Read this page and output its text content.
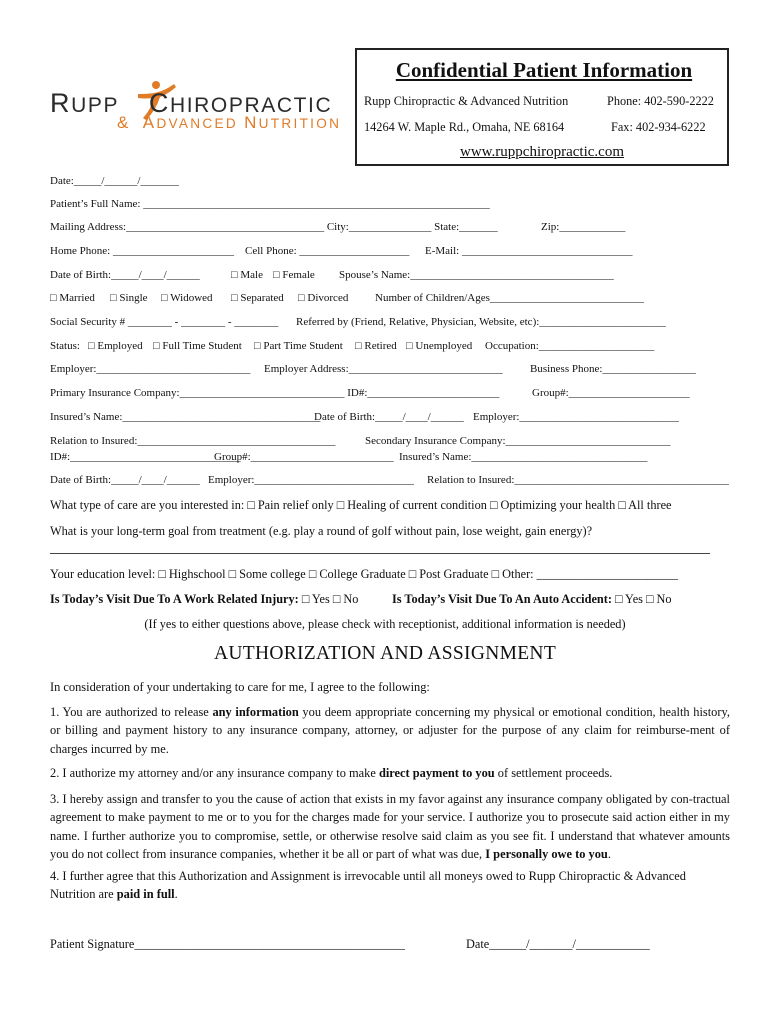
RUPP CHIROPRACTIC
& ADVANCED NUTRITION
Confidential Patient Information
Rupp Chiropractic & Advanced Nutrition	Phone: 402-590-2222
14264 W. Maple Rd., Omaha, NE 68164	Fax: 402-934-6222
www.ruppchiropractic.com
Date:_____/______/_______
Patient’s Full Name: _______________________________________________________________
Mailing Address:____________________________________ City:_______________ State:_______	Zip:____________
Home Phone: ______________________ Cell Phone: ____________________ E-Mail: _______________________________
Date of Birth:_____/____/______	□ Male □ Female Spouse’s Name:_____________________________________
□ Married □ Single □ Widowed □ Separated □ Divorced Number of Children/Ages____________________________
Social Security # ________ - ________ - ________ Referred by (Friend, Relative, Physician, Website, etc):_______________________
Status: □ Employed □ Full Time Student □ Part Time Student □ Retired □ Unemployed Occupation:_____________________
Employer:____________________________ Employer Address:____________________________ Business Phone:_________________
Primary Insurance Company:______________________________ ID#:________________________	Group#:______________________
Insured’s Name:____________________________________
Date of Birth:_____/____/______ Employer:_____________________________
Relation to Insured:____________________________________	Secondary Insurance Company:______________________________
ID#:_______________________________
Group#:__________________________ Insured’s Name:________________________________
Date of Birth:_____/____/______ Employer:_____________________________ Relation to Insured:_______________________________________
What type of care are you interested in: □ Pain relief only □ Healing of current condition □ Optimizing your health □ All three
What is your long-term goal from treatment (e.g. play a round of golf without pain, lose weight, gain energy)?
Your education level: □ Highschool □ Some college □ College Graduate □ Post Graduate □ Other: _______________________
Is Today’s Visit Due To A Work Related Injury: □ Yes □ No	Is Today’s Visit Due To An Auto Accident: □ Yes □ No
(If yes to either questions above, please check with receptionist, additional information is needed)
AUTHORIZATION AND ASSIGNMENT
In consideration of your undertaking to care for me, I agree to the following:
1. You are authorized to release any information you deem appropriate concerning my physical or emotional condition, health history, or billing and payment history to any insurance company, attorney, or adjuster for the purpose of any claim for reimburse-ment of charges incurred by me.
2. I authorize my attorney and/or any insurance company to make direct payment to you of settlement proceeds.
3. I hereby assign and transfer to you the cause of action that exists in my favor against any insurance company obligated by con-tractual agreement to make payment to me or to you for the charges made for your service. I authorize you to prosecute said action either in my name. I further authorize you to compromise, settle, or otherwise resolve said claim as you see fit. I understand that whatever amounts you do not collect from insurance companies, whether it be all or part of what was due, I personally owe to you.
4. I further agree that this Authorization and Assignment is irrevocable until all moneys owed to Rupp Chiropractic & Advanced Nutrition are paid in full.
Patient Signature____________________________________________	Date______/_______/____________
